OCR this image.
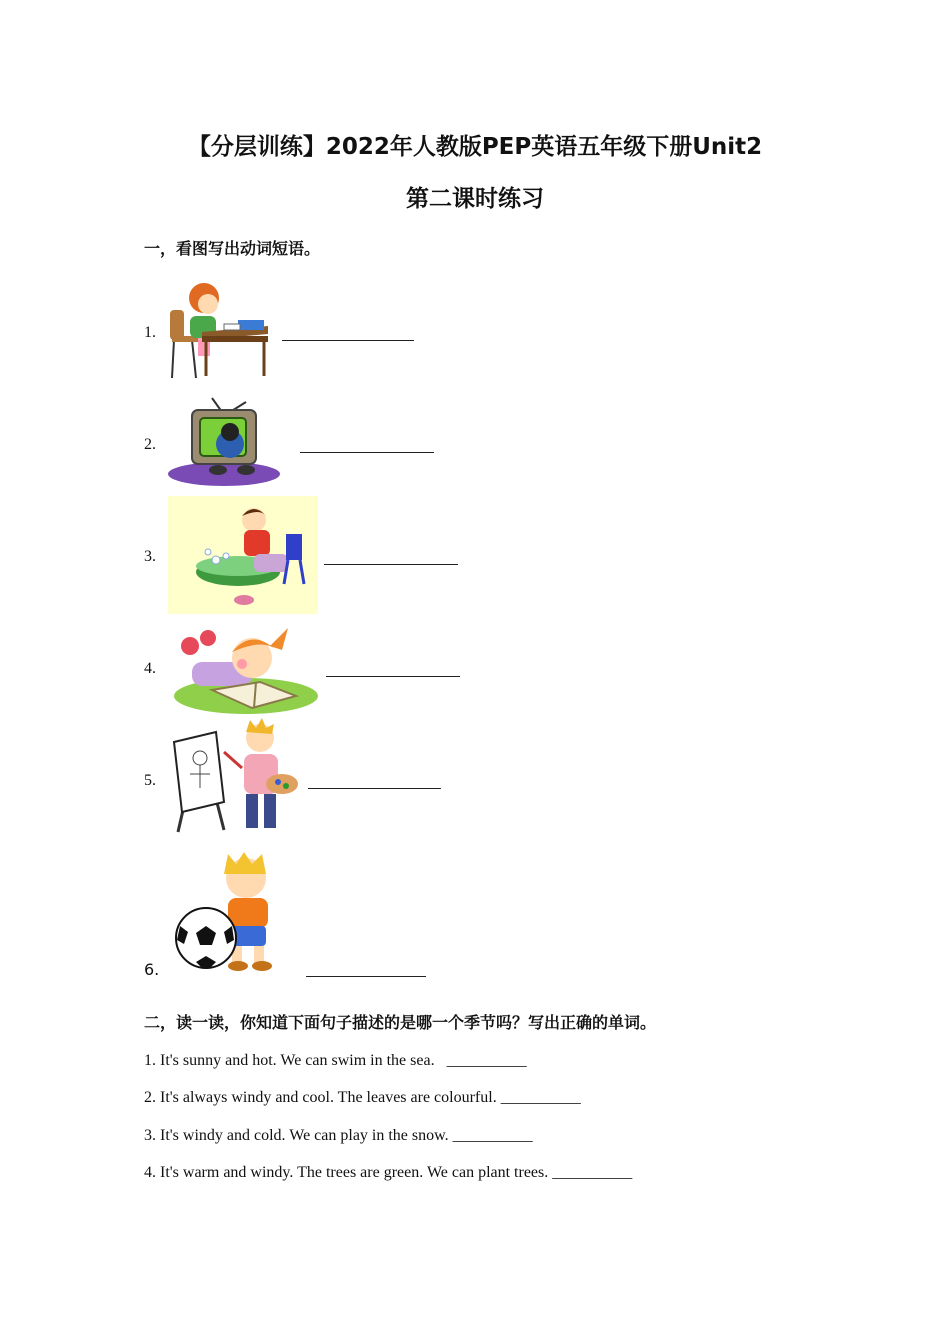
【分层训练】2022年人教版PEP英语五年级下册Unit2
第二课时练习
一，看图写出动词短语。
1.
2.
3.
4.
5.
6.
二，读一读，你知道下面句子描述的是哪一个季节吗？写出正确的单词。
1. It's sunny and hot. We can swim in the sea. __________
2. It's always windy and cool. The leaves are colourful. __________
3. It's windy and cold. We can play in the snow. __________
4. It's warm and windy. The trees are green. We can plant trees. __________
